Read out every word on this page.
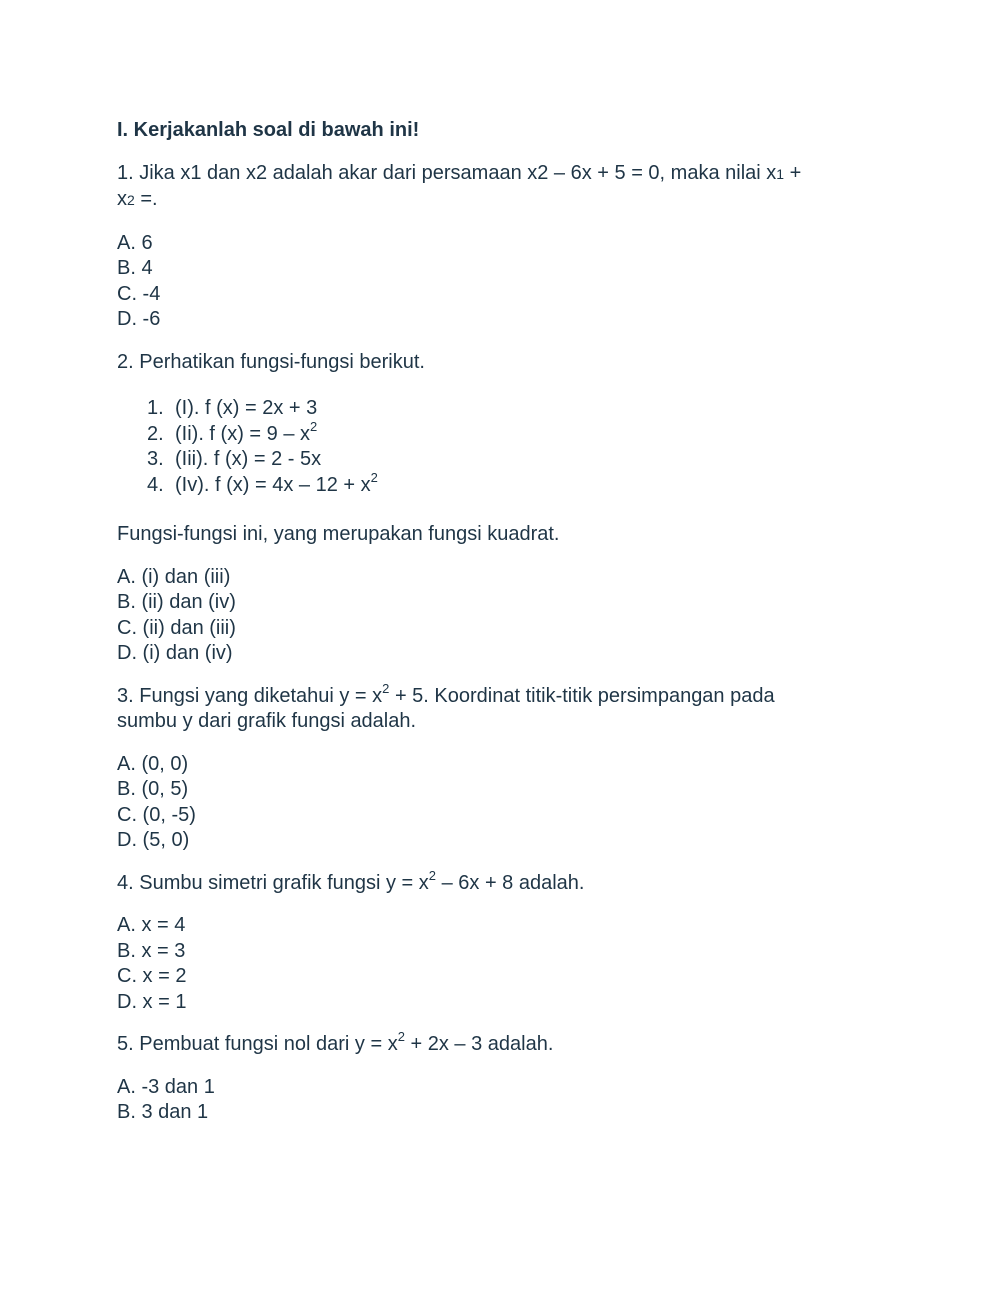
I. Kerjakanlah soal di bawah ini!
1. Jika x1 dan x2 adalah akar dari persamaan x2 – 6x + 5 = 0, maka nilai x1 +
x2 =.
A. 6
B. 4
C. -4
D. -6
2. Perhatikan fungsi-fungsi berikut.
1. (I). f (x) = 2x + 3
2. (Ii). f $(x) = 9 - x^2$
3. (Iii). f (x) = 2 - 5x
4. (Iv). f $(x) = 4x - 12 + x^2$
Fungsi-fungsi ini, yang merupakan fungsi kuadrat.
A. (i) dan (iii)
B. (ii) dan (iv)
C. (ii) dan (iii)
D. (i) dan (iv)
3. Fungsi yang diketahui $y = x^2 + 5$. Koordinat titik-titik persimpangan pada
sumbu y dari grafik fungsi adalah.
A. (0, 0)
B. (0, 5)
C. (0, -5)
D. (5, 0)
4. Sumbu simetri grafik fungsi $y = x^2 - 6x + 8$ adalah.
A. x = 4
B. x = 3
C. x = 2
D. x = 1
5. Pembuat fungsi nol dari $y = x^2 + 2x - 3$ adalah.
A. -3 dan 1
B. 3 dan 1
